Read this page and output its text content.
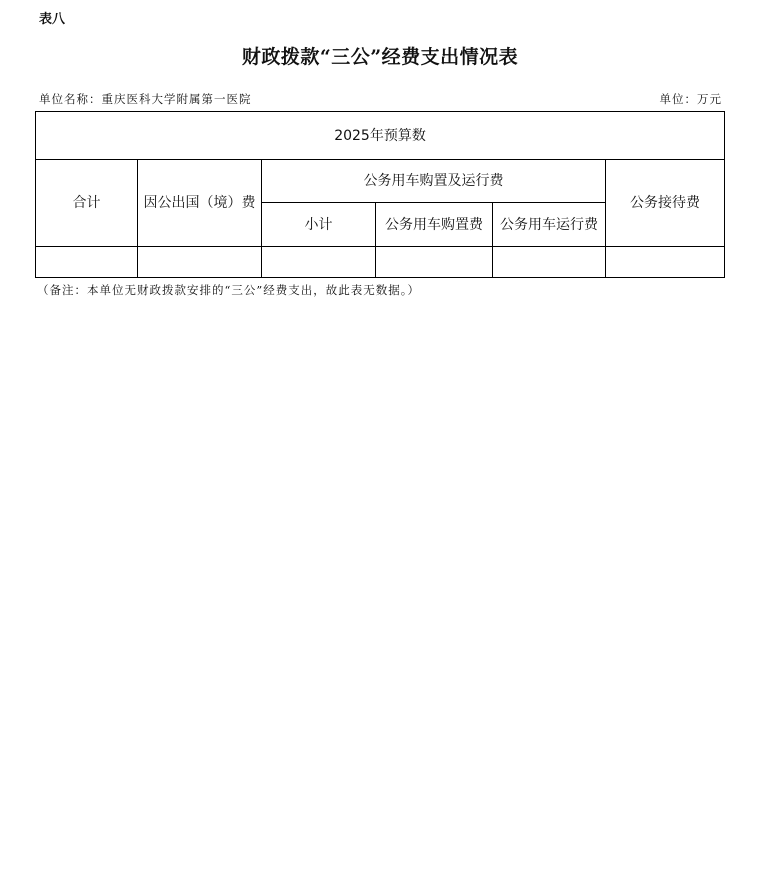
表八
财政拨款“三公”经费支出情况表
单位名称：重庆医科大学附属第一医院	单位：万元
2025年预算数					
合计	因公出国（境）费	公务用车购置及运行费			公务接待费
		小计	公务用车购置费	公务用车运行费	

（备注：本单位无财政拨款安排的“三公”经费支出，故此表无数据。）
